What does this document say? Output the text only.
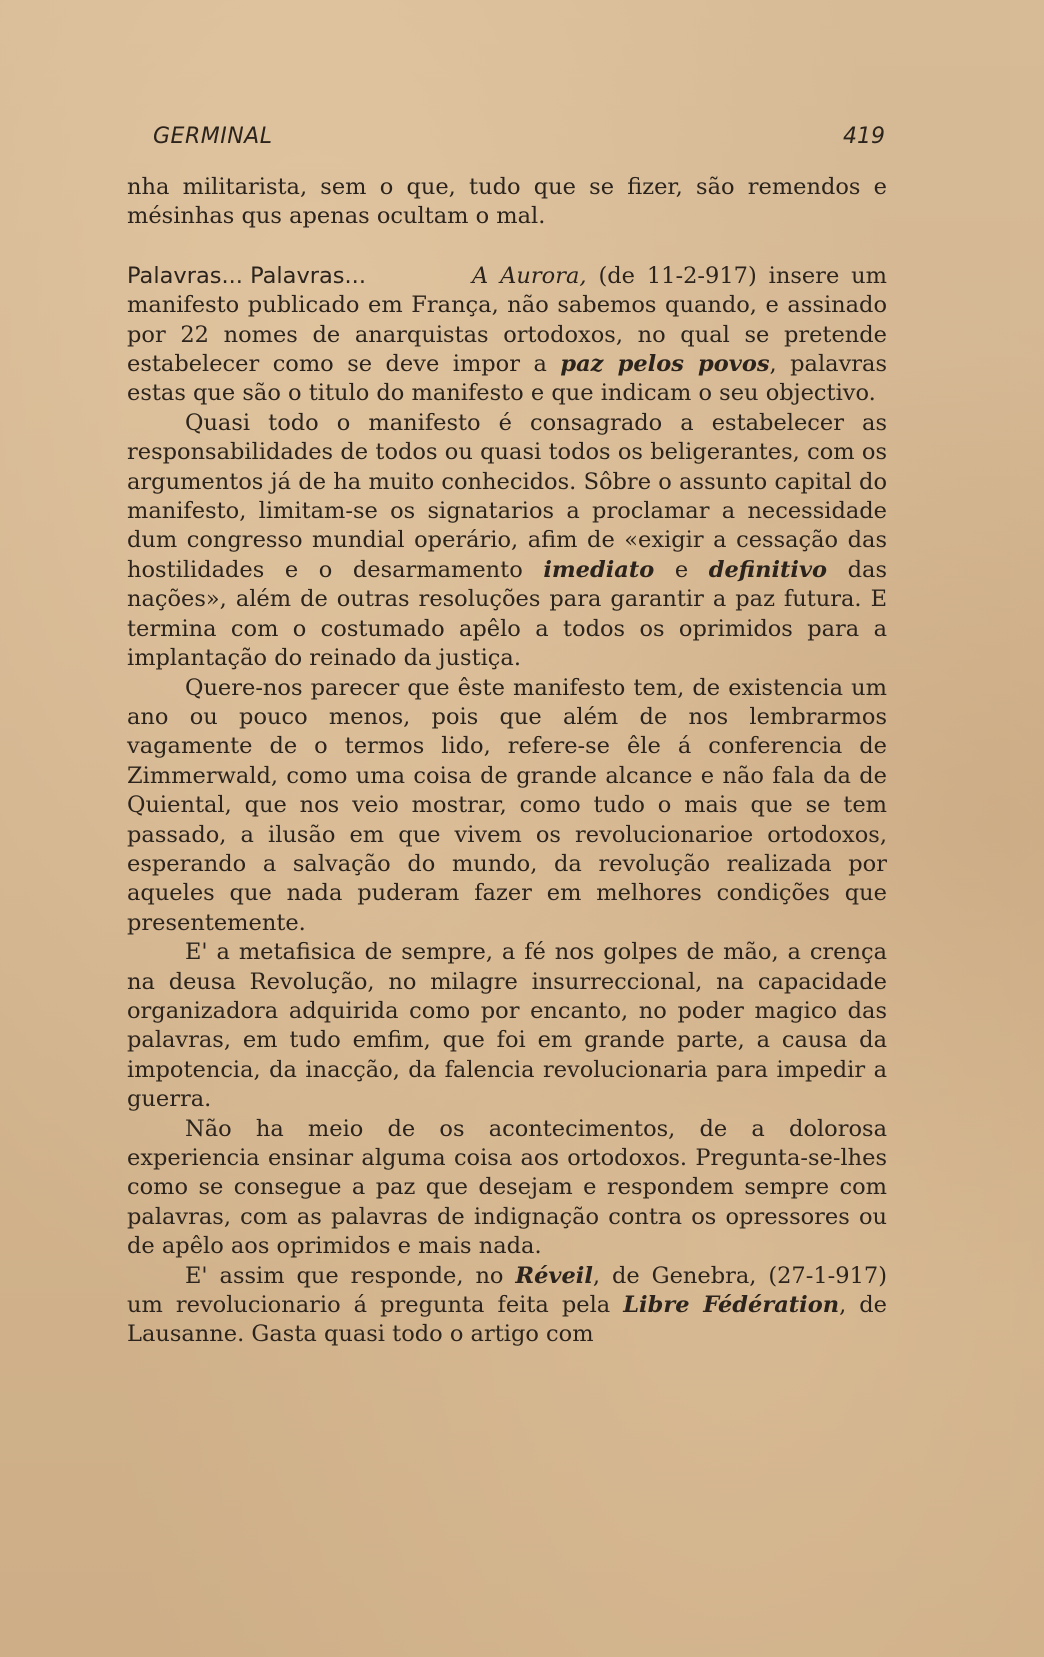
GERMINAL	419

nha militarista, sem o que, tudo que se fizer, são remendos e mésinhas qus apenas ocultam o mal.

Palavras... Palavras...	A Aurora, (de 11-2-917) insere um manifesto publicado em França, não sabemos quando, e assinado por 22 nomes de anarquistas ortodoxos, no qual se pretende estabelecer como se deve impor a paz pelos povos, palavras estas que são o titulo do manifesto e que indicam o seu objectivo.

Quasi todo o manifesto é consagrado a estabelecer as responsabilidades de todos ou quasi todos os beligerantes, com os argumentos já de ha muito conhecidos. Sôbre o assunto capital do manifesto, limitam-se os signatarios a proclamar a necessidade dum congresso mundial operário, afim de «exigir a cessação das hostilidades e o desarmamento imediato e definitivo das nações», além de outras resoluções para garantir a paz futura. E termina com o costumado apêlo a todos os oprimidos para a implantação do reinado da justiça.

Quere-nos parecer que êste manifesto tem, de existencia um ano ou pouco menos, pois que além de nos lembrarmos vagamente de o termos lido, refere-se êle á conferencia de Zimmerwald, como uma coisa de grande alcance e não fala da de Quiental, que nos veio mostrar, como tudo o mais que se tem passado, a ilusão em que vivem os revolucionarioe ortodoxos, esperando a salvação do mundo, da revolução realizada por aqueles que nada puderam fazer em melhores condições que presentemente.

E' a metafisica de sempre, a fé nos golpes de mão, a crença na deusa Revolução, no milagre insurreccional, na capacidade organizadora adquirida como por encanto, no poder magico das palavras, em tudo emfim, que foi em grande parte, a causa da impotencia, da inacção, da falencia revolucionaria para impedir a guerra.

Não ha meio de os acontecimentos, de a dolorosa experiencia ensinar alguma coisa aos ortodoxos. Pregunta-se-lhes como se consegue a paz que desejam e respondem sempre com palavras, com as palavras de indignação contra os opressores ou de apêlo aos oprimidos e mais nada.

E' assim que responde, no Réveil, de Genebra, (27-1-917) um revolucionario á pregunta feita pela Libre Fédération, de Lausanne. Gasta quasi todo o artigo com
